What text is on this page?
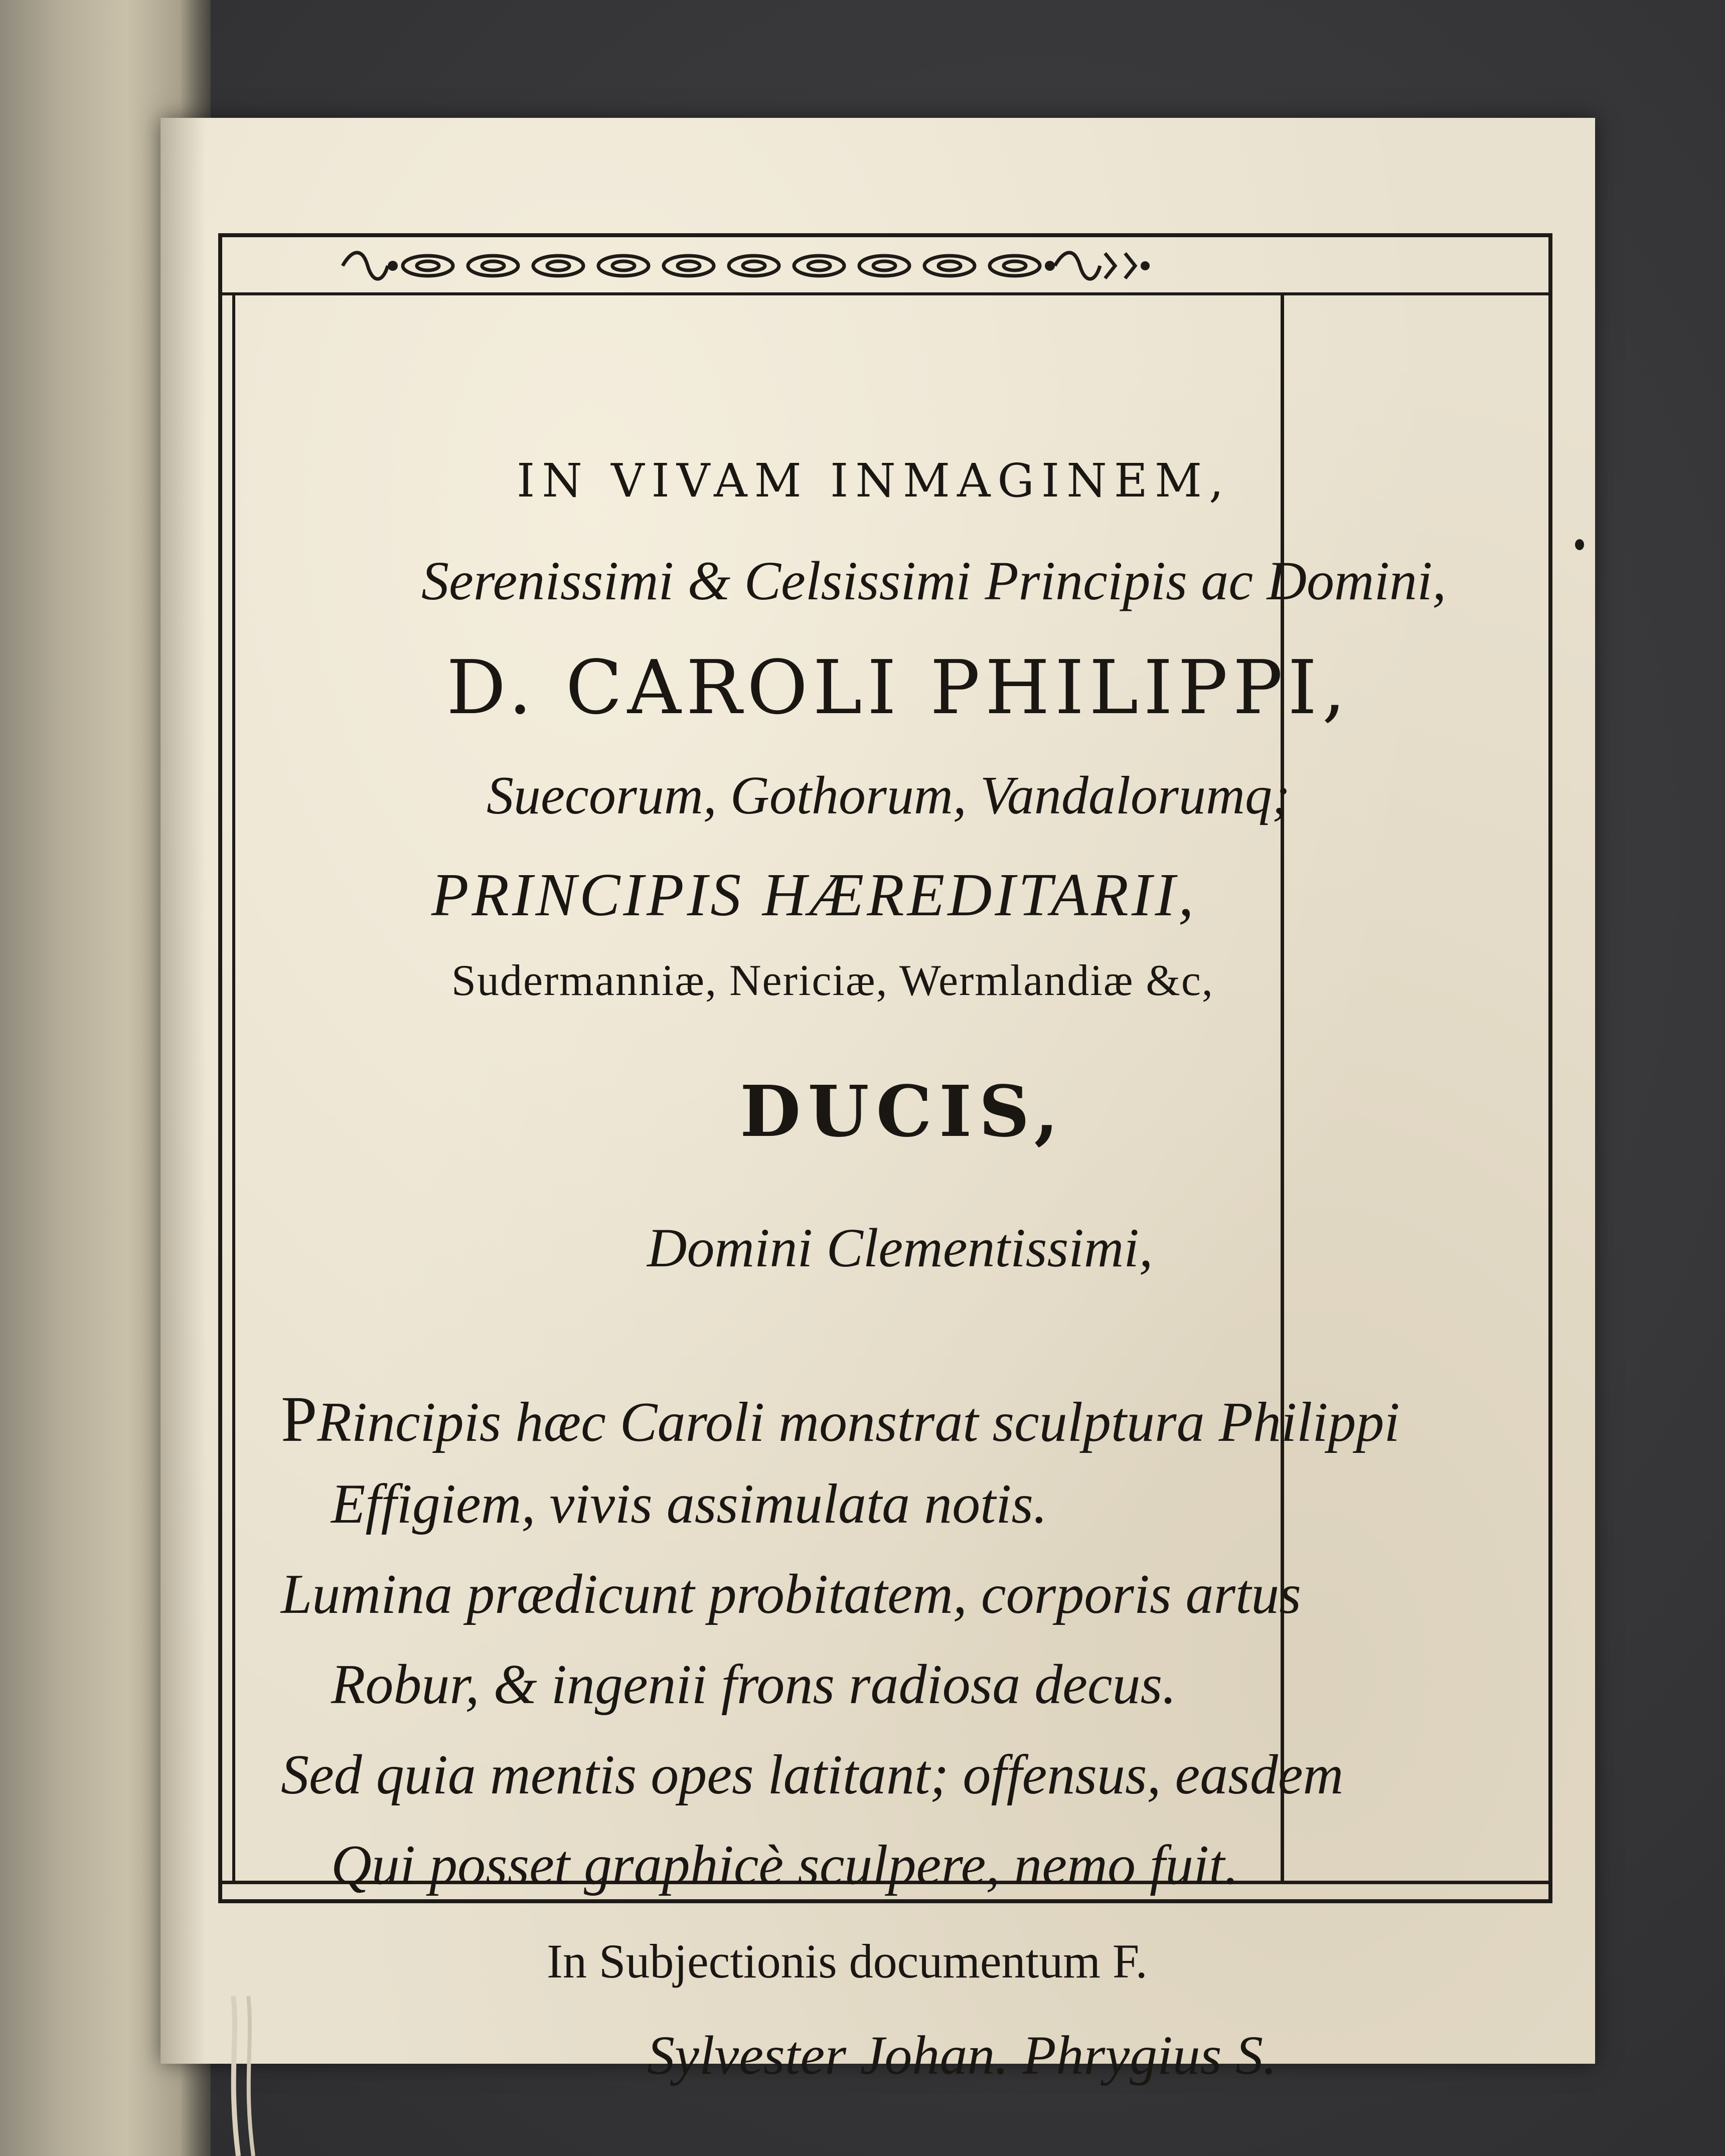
IN VIVAM INMAGINEM,
Serenissimi & Celsissimi Principis ac Domini,
D. CAROLI PHILIPPI,
Suecorum, Gothorum, Vandalorumq;
PRINCIPIS HÆREDITARII,
Sudermanniæ, Nericiæ, Wermlandiæ &c,
DUCIS,
Domini Clementissimi,
PRincipis hæc Caroli monstrat sculptura Philippi
Effigiem, vivis assimulata notis.
Lumina prædicunt probitatem, corporis artus
Robur, & ingenii frons radiosa decus.
Sed quia mentis opes latitant; offensus, easdem
Qui posset graphicè sculpere, nemo fuit.
In Subjectionis documentum F.
Sylvester Johan. Phrygius S.
